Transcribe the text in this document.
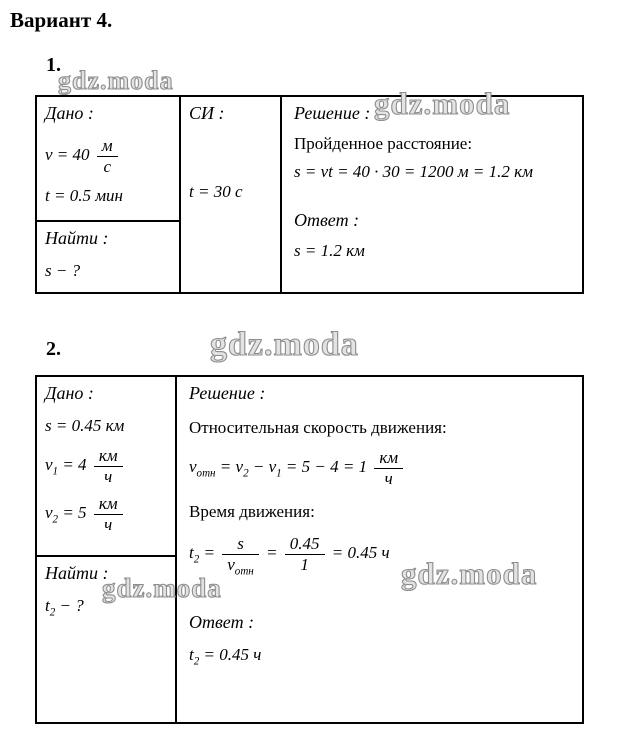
Вариант 4.
gdz.moda
gdz.moda
gdz.moda
gdz.moda	gdz.moda
1.
Дано :
$v = 40 \frac{м}{с}$
t = 0.5 мин
Найти :
s − ?
СИ :
t = 30 с
Решение :
Пройденное расстояние:
s = vt = 40 · 30 = 1200 м = 1.2 км
Ответ :
s = 1.2 км
2.
Дано :
s = 0.45 км
$v_1 = 4 \frac{км}{ч}$
$v_2 = 5 \frac{км}{ч}$
Найти :
$t_2$ − ?
Решение :
Относительная скорость движения:
$v_{отн} = v_2 - v_1 = 5 - 4 = 1 \frac{км}{ч}$
Время движения:
$t_2 = \frac{s}{v_{отн}} = \frac{0.45}{1} = 0.45$ ч
Ответ :
$t_2 = 0.45$ ч
